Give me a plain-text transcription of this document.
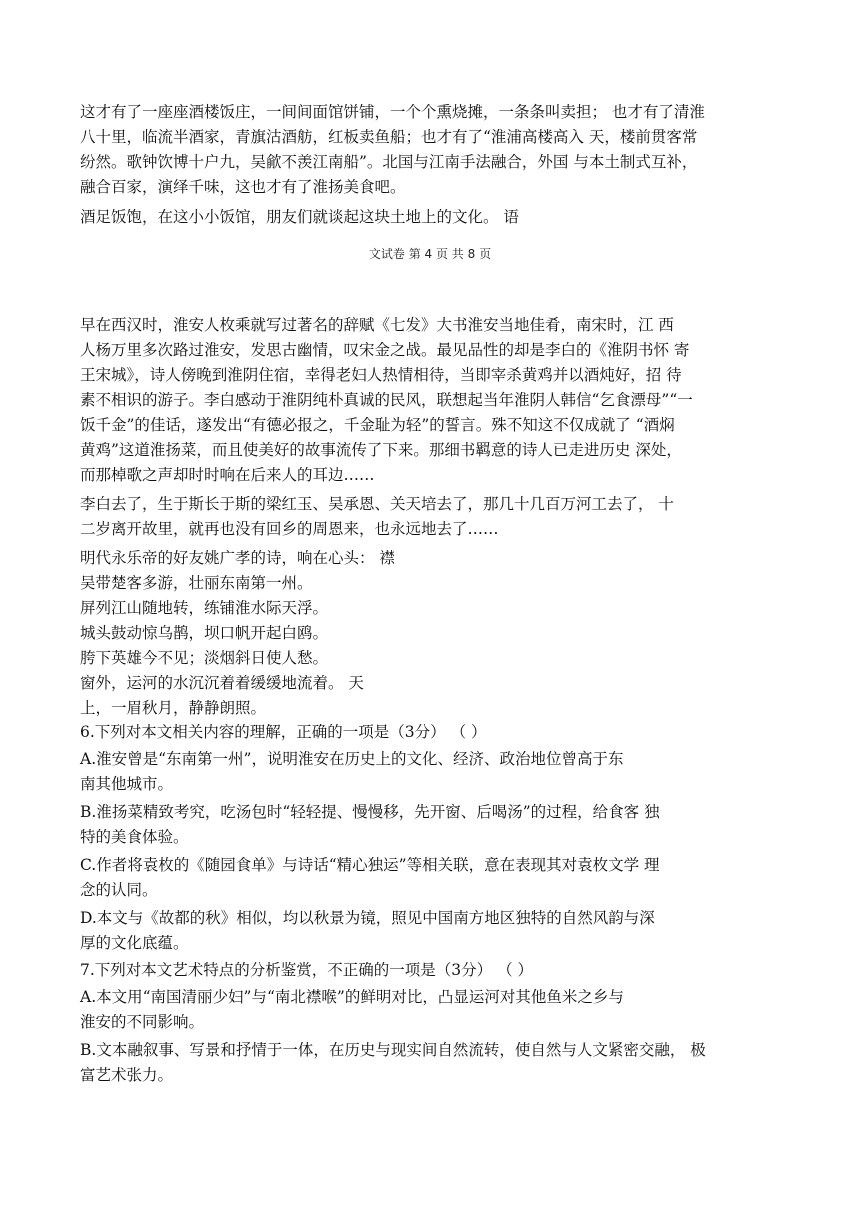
这才有了一座座酒楼饭庄，一间间面馆饼铺，一个个熏烧摊，一条条叫卖担； 也才有了清淮
八十里，临流半酒家，青旗沽酒舫，红板卖鱼船；也才有了“淮浦高楼高入 天，楼前贯客常
纷然。歌钟饮博十户九，吴歈不羡江南船”。北国与江南手法融合，外国 与本土制式互补，
融合百家，演绎千味，这也才有了淮扬美食吧。
酒足饭饱，在这小小饭馆，朋友们就谈起这块土地上的文化。 语
文试卷 第 4 页 共 8 页
早在西汉时，淮安人枚乘就写过著名的辞赋《七发》大书淮安当地佳肴，南宋时，江 西
人杨万里多次路过淮安，发思古幽情，叹宋金之战。最见品性的却是李白的《淮阴书怀 寄
王宋城》，诗人傍晚到淮阴住宿，幸得老妇人热情相待，当即宰杀黄鸡并以酒炖好，招 待
素不相识的游子。李白感动于淮阴纯朴真诚的民风，联想起当年淮阴人韩信“乞食漂母”“一
饭千金”的佳话，遂发出“有德必报之，千金耻为轻”的誓言。殊不知这不仅成就了 “酒焖
黄鸡”这道淮扬菜，而且使美好的故事流传了下来。那细书羁意的诗人已走进历史 深处，
而那棹歌之声却时时响在后来人的耳边……
李白去了，生于斯长于斯的梁红玉、吴承恩、关天培去了，那几十几百万河工去了， 十
二岁离开故里，就再也没有回乡的周恩来，也永远地去了……
明代永乐帝的好友姚广孝的诗，响在心头： 襟
吴带楚客多游，壮丽东南第一州。
屏列江山随地转，练铺淮水际天浮。
城头鼓动惊乌鹊，坝口帆开起白鸥。
胯下英雄今不见；淡烟斜日使人愁。
窗外，运河的水沉沉着着缓缓地流着。 天
上，一眉秋月，静静朗照。
6.下列对本文相关内容的理解，正确的一项是（3分） （ ）
A.淮安曾是“东南第一州”，说明淮安在历史上的文化、经济、政治地位曾高于东
南其他城市。
B.淮扬菜精致考究，吃汤包时“轻轻提、慢慢移，先开窗、后喝汤”的过程，给食客 独
特的美食体验。
C.作者将袁枚的《随园食单》与诗话“精心独运”等相关联，意在表现其对袁枚文学 理
念的认同。
D.本文与《故都的秋》相似，均以秋景为镜，照见中国南方地区独特的自然风韵与深
厚的文化底蕴。
7.下列对本文艺术特点的分析鉴赏，不正确的一项是（3分） （ ）
A.本文用“南国清丽少妇”与“南北襟喉”的鲜明对比，凸显运河对其他鱼米之乡与
淮安的不同影响。
B.文本融叙事、写景和抒情于一体，在历史与现实间自然流转，使自然与人文紧密交融， 极
富艺术张力。
